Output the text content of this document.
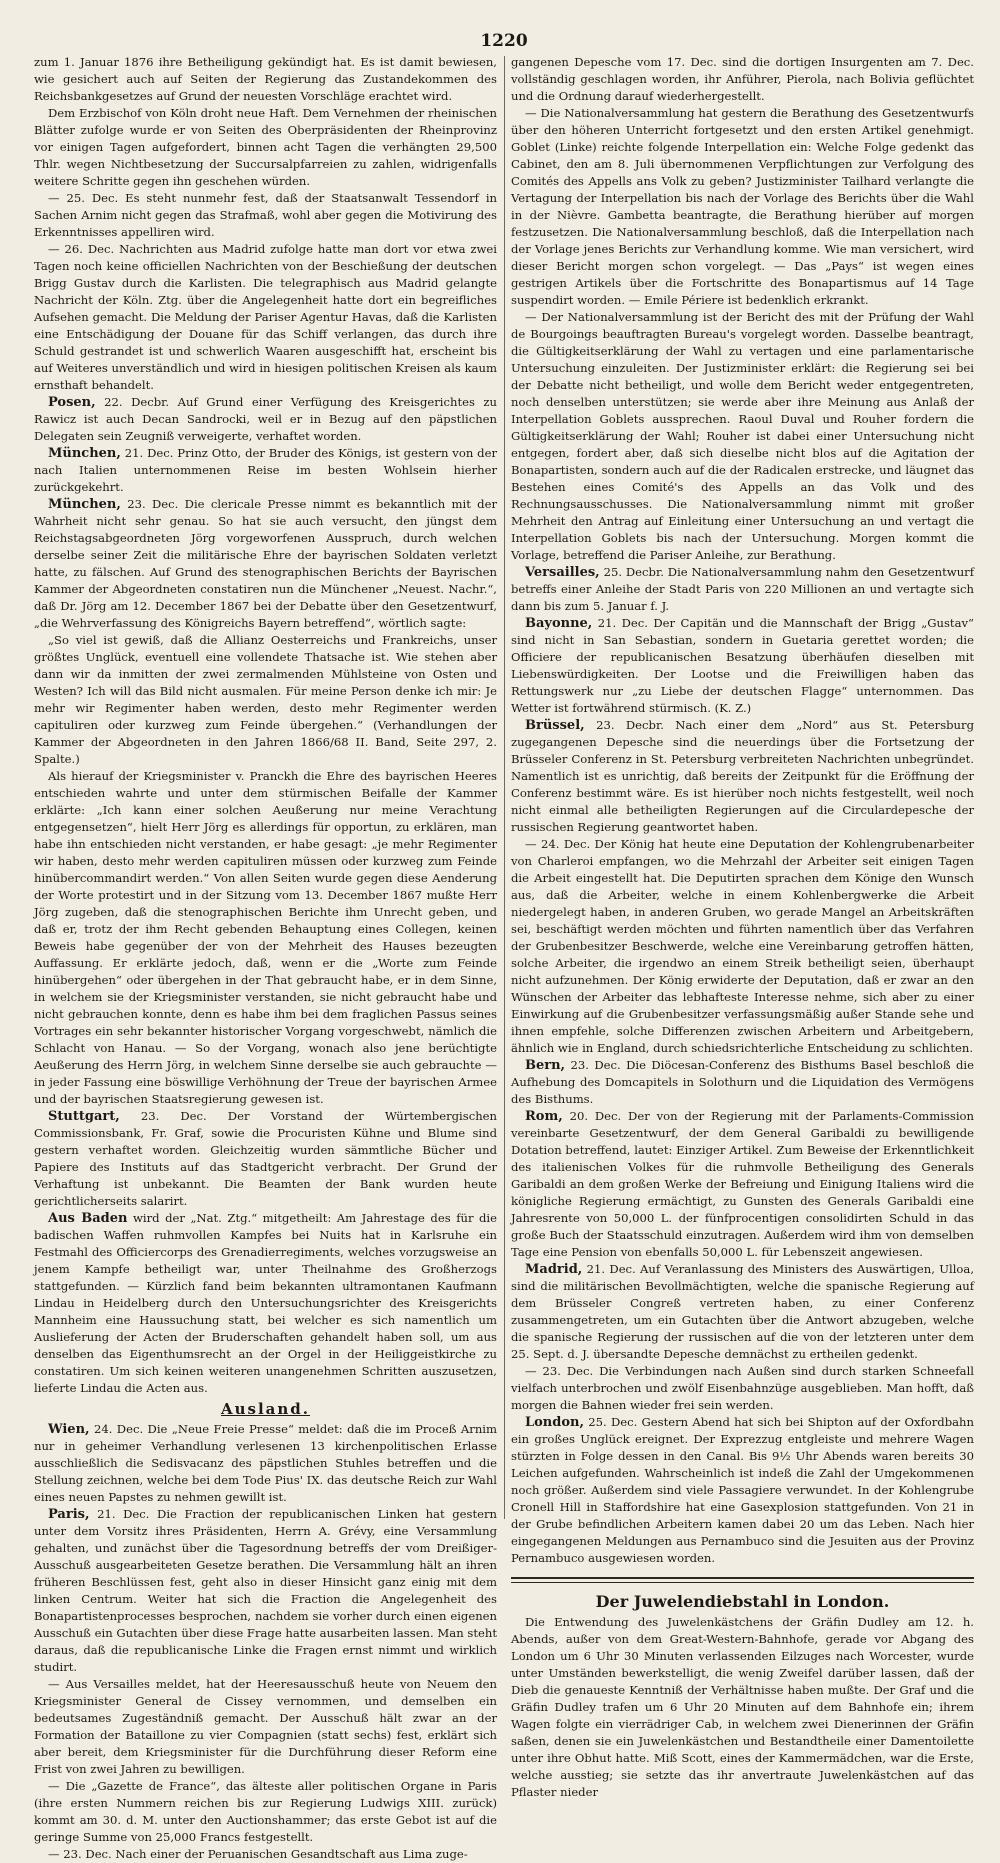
1220

zum 1. Januar 1876 ihre Betheiligung gekündigt hat. Es ist damit bewiesen, wie gesichert auch auf Seiten der Regierung das Zustandekommen des Reichsbankgesetzes auf Grund der neuesten Vorschläge erachtet wird.

Dem Erzbischof von Köln droht neue Haft. Dem Vernehmen der rheinischen Blätter zufolge wurde er von Seiten des Oberpräsidenten der Rheinprovinz vor einigen Tagen aufgefordert, binnen acht Tagen die verhängten 29,500 Thlr. wegen Nichtbesetzung der Succursalpfarreien zu zahlen, widrigenfalls weitere Schritte gegen ihn geschehen würden.

— 25. Dec. Es steht nunmehr fest, daß der Staatsanwalt Tessendorf in Sachen Arnim nicht gegen das Strafmaß, wohl aber gegen die Motivirung des Erkenntnisses appelliren wird.

— 26. Dec. Nachrichten aus Madrid zufolge hatte man dort vor etwa zwei Tagen noch keine officiellen Nachrichten von der Beschießung der deutschen Brigg Gustav durch die Karlisten. Die telegraphisch aus Madrid gelangte Nachricht der Köln. Ztg. über die Angelegenheit hatte dort ein begreifliches Aufsehen gemacht. Die Meldung der Pariser Agentur Havas, daß die Karlisten eine Entschädigung der Douane für das Schiff verlangen, das durch ihre Schuld gestrandet ist und schwerlich Waaren ausgeschifft hat, erscheint bis auf Weiteres unverständlich und wird in hiesigen politischen Kreisen als kaum ernsthaft behandelt.

Posen, 22. Decbr. Auf Grund einer Verfügung des Kreisgerichtes zu Rawicz ist auch Decan Sandrocki, weil er in Bezug auf den päpstlichen Delegaten sein Zeugniß verweigerte, verhaftet worden.

München, 21. Dec. Prinz Otto, der Bruder des Königs, ist gestern von der nach Italien unternommenen Reise im besten Wohlsein hierher zurückgekehrt.

München, 23. Dec. Die clericale Presse nimmt es bekanntlich mit der Wahrheit nicht sehr genau. So hat sie auch versucht, den jüngst dem Reichstagsabgeordneten Jörg vorgeworfenen Ausspruch, durch welchen derselbe seiner Zeit die militärische Ehre der bayrischen Soldaten verletzt hatte, zu fälschen. Auf Grund des stenographischen Berichts der Bayrischen Kammer der Abgeordneten constatiren nun die Münchener „Neuest. Nachr.“, daß Dr. Jörg am 12. December 1867 bei der Debatte über den Gesetzentwurf, „die Wehrverfassung des Königreichs Bayern betreffend“, wörtlich sagte:

„So viel ist gewiß, daß die Allianz Oesterreichs und Frankreichs, unser größtes Unglück, eventuell eine vollendete Thatsache ist. Wie stehen aber dann wir da inmitten der zwei zermalmenden Mühlsteine von Osten und Westen? Ich will das Bild nicht ausmalen. Für meine Person denke ich mir: Je mehr wir Regimenter haben werden, desto mehr Regimenter werden capituliren oder kurzweg zum Feinde übergehen.“ (Verhandlungen der Kammer der Abgeordneten in den Jahren 1866/68 II. Band, Seite 297, 2. Spalte.)

Als hierauf der Kriegsminister v. Pranckh die Ehre des bayrischen Heeres entschieden wahrte und unter dem stürmischen Beifalle der Kammer erklärte: „Ich kann einer solchen Aeußerung nur meine Verachtung entgegensetzen“, hielt Herr Jörg es allerdings für opportun, zu erklären, man habe ihn entschieden nicht verstanden, er habe gesagt: „je mehr Regimenter wir haben, desto mehr werden capituliren müssen oder kurzweg zum Feinde hinübercommandirt werden.“ Von allen Seiten wurde gegen diese Aenderung der Worte protestirt und in der Sitzung vom 13. December 1867 mußte Herr Jörg zugeben, daß die stenographischen Berichte ihm Unrecht geben, und daß er, trotz der ihm Recht gebenden Behauptung eines Collegen, keinen Beweis habe gegenüber der von der Mehrheit des Hauses bezeugten Auffassung. Er erklärte jedoch, daß, wenn er die „Worte zum Feinde hinübergehen“ oder übergehen in der That gebraucht habe, er in dem Sinne, in welchem sie der Kriegsminister verstanden, sie nicht gebraucht habe und nicht gebrauchen konnte, denn es habe ihm bei dem fraglichen Passus seines Vortrages ein sehr bekannter historischer Vorgang vorgeschwebt, nämlich die Schlacht von Hanau. — So der Vorgang, wonach also jene berüchtigte Aeußerung des Herrn Jörg, in welchem Sinne derselbe sie auch gebrauchte — in jeder Fassung eine böswillige Verhöhnung der Treue der bayrischen Armee und der bayrischen Staatsregierung gewesen ist.

Stuttgart, 23. Dec. Der Vorstand der Würtembergischen Commissionsbank, Fr. Graf, sowie die Procuristen Kühne und Blume sind gestern verhaftet worden. Gleichzeitig wurden sämmtliche Bücher und Papiere des Instituts auf das Stadtgericht verbracht. Der Grund der Verhaftung ist unbekannt. Die Beamten der Bank wurden heute gerichtlicherseits salarirt.

Aus Baden wird der „Nat. Ztg.“ mitgetheilt: Am Jahrestage des für die badischen Waffen ruhmvollen Kampfes bei Nuits hat in Karlsruhe ein Festmahl des Officiercorps des Grenadierregiments, welches vorzugsweise an jenem Kampfe betheiligt war, unter Theilnahme des Großherzogs stattgefunden. — Kürzlich fand beim bekannten ultramontanen Kaufmann Lindau in Heidelberg durch den Untersuchungsrichter des Kreisgerichts Mannheim eine Haussuchung statt, bei welcher es sich namentlich um Auslieferung der Acten der Bruderschaften gehandelt haben soll, um aus denselben das Eigenthumsrecht an der Orgel in der Heiliggeistkirche zu constatiren. Um sich keinen weiteren unangenehmen Schritten auszusetzen, lieferte Lindau die Acten aus.

Ausland.

Wien, 24. Dec. Die „Neue Freie Presse“ meldet: daß die im Proceß Arnim nur in geheimer Verhandlung verlesenen 13 kirchenpolitischen Erlasse ausschließlich die Sedisvacanz des päpstlichen Stuhles betreffen und die Stellung zeichnen, welche bei dem Tode Pius' IX. das deutsche Reich zur Wahl eines neuen Papstes zu nehmen gewillt ist.

Paris, 21. Dec. Die Fraction der republicanischen Linken hat gestern unter dem Vorsitz ihres Präsidenten, Herrn A. Grévy, eine Versammlung gehalten, und zunächst über die Tagesordnung betreffs der vom Dreißiger-Ausschuß ausgearbeiteten Gesetze berathen. Die Versammlung hält an ihren früheren Beschlüssen fest, geht also in dieser Hinsicht ganz einig mit dem linken Centrum. Weiter hat sich die Fraction die Angelegenheit des Bonapartistenprocesses besprochen, nachdem sie vorher durch einen eigenen Ausschuß ein Gutachten über diese Frage hatte ausarbeiten lassen. Man steht daraus, daß die republicanische Linke die Fragen ernst nimmt und wirklich studirt.

— Aus Versailles meldet, hat der Heeresausschuß heute von Neuem den Kriegsminister General de Cissey vernommen, und demselben ein bedeutsames Zugeständniß gemacht. Der Ausschuß hält zwar an der Formation der Bataillone zu vier Compagnien (statt sechs) fest, erklärt sich aber bereit, dem Kriegsminister für die Durchführung dieser Reform eine Frist von zwei Jahren zu bewilligen.

— Die „Gazette de France“, das älteste aller politischen Organe in Paris (ihre ersten Nummern reichen bis zur Regierung Ludwigs XIII. zurück) kommt am 30. d. M. unter den Auctionshammer; das erste Gebot ist auf die geringe Summe von 25,000 Francs festgestellt.

— 23. Dec. Nach einer der Peruanischen Gesandtschaft aus Lima zuge-

gangenen Depesche vom 17. Dec. sind die dortigen Insurgenten am 7. Dec. vollständig geschlagen worden, ihr Anführer, Pierola, nach Bolivia geflüchtet und die Ordnung darauf wiederhergestellt.

— Die Nationalversammlung hat gestern die Berathung des Gesetzentwurfs über den höheren Unterricht fortgesetzt und den ersten Artikel genehmigt. Goblet (Linke) reichte folgende Interpellation ein: Welche Folge gedenkt das Cabinet, den am 8. Juli übernommenen Verpflichtungen zur Verfolgung des Comités des Appells ans Volk zu geben? Justizminister Tailhard verlangte die Vertagung der Interpellation bis nach der Vorlage des Berichts über die Wahl in der Nièvre. Gambetta beantragte, die Berathung hierüber auf morgen festzusetzen. Die Nationalversammlung beschloß, daß die Interpellation nach der Vorlage jenes Berichts zur Verhandlung komme. Wie man versichert, wird dieser Bericht morgen schon vorgelegt. — Das „Pays“ ist wegen eines gestrigen Artikels über die Fortschritte des Bonapartismus auf 14 Tage suspendirt worden. — Emile Périere ist bedenklich erkrankt.

— Der Nationalversammlung ist der Bericht des mit der Prüfung der Wahl de Bourgoings beauftragten Bureau's vorgelegt worden. Dasselbe beantragt, die Gültigkeitserklärung der Wahl zu vertagen und eine parlamentarische Untersuchung einzuleiten. Der Justizminister erklärt: die Regierung sei bei der Debatte nicht betheiligt, und wolle dem Bericht weder entgegentreten, noch denselben unterstützen; sie werde aber ihre Meinung aus Anlaß der Interpellation Goblets aussprechen. Raoul Duval und Rouher fordern die Gültigkeitserklärung der Wahl; Rouher ist dabei einer Untersuchung nicht entgegen, fordert aber, daß sich dieselbe nicht blos auf die Agitation der Bonapartisten, sondern auch auf die der Radicalen erstrecke, und läugnet das Bestehen eines Comité's des Appells an das Volk und des Rechnungsausschusses. Die Nationalversammlung nimmt mit großer Mehrheit den Antrag auf Einleitung einer Untersuchung an und vertagt die Interpellation Goblets bis nach der Untersuchung. Morgen kommt die Vorlage, betreffend die Pariser Anleihe, zur Berathung.

Versailles, 25. Decbr. Die Nationalversammlung nahm den Gesetzentwurf betreffs einer Anleihe der Stadt Paris von 220 Millionen an und vertagte sich dann bis zum 5. Januar f. J.

Bayonne, 21. Dec. Der Capitän und die Mannschaft der Brigg „Gustav“ sind nicht in San Sebastian, sondern in Guetaria gerettet worden; die Officiere der republicanischen Besatzung überhäufen dieselben mit Liebenswürdigkeiten. Der Lootse und die Freiwilligen haben das Rettungswerk nur „zu Liebe der deutschen Flagge“ unternommen. Das Wetter ist fortwährend stürmisch. (K. Z.)

Brüssel, 23. Decbr. Nach einer dem „Nord“ aus St. Petersburg zugegangenen Depesche sind die neuerdings über die Fortsetzung der Brüsseler Conferenz in St. Petersburg verbreiteten Nachrichten unbegründet. Namentlich ist es unrichtig, daß bereits der Zeitpunkt für die Eröffnung der Conferenz bestimmt wäre. Es ist hierüber noch nichts festgestellt, weil noch nicht einmal alle betheiligten Regierungen auf die Circulardepesche der russischen Regierung geantwortet haben.

— 24. Dec. Der König hat heute eine Deputation der Kohlengrubenarbeiter von Charleroi empfangen, wo die Mehrzahl der Arbeiter seit einigen Tagen die Arbeit eingestellt hat. Die Deputirten sprachen dem Könige den Wunsch aus, daß die Arbeiter, welche in einem Kohlenbergwerke die Arbeit niedergelegt haben, in anderen Gruben, wo gerade Mangel an Arbeitskräften sei, beschäftigt werden möchten und führten namentlich über das Verfahren der Grubenbesitzer Beschwerde, welche eine Vereinbarung getroffen hätten, solche Arbeiter, die irgendwo an einem Streik betheiligt seien, überhaupt nicht aufzunehmen. Der König erwiderte der Deputation, daß er zwar an den Wünschen der Arbeiter das lebhafteste Interesse nehme, sich aber zu einer Einwirkung auf die Grubenbesitzer verfassungsmäßig außer Stande sehe und ihnen empfehle, solche Differenzen zwischen Arbeitern und Arbeitgebern, ähnlich wie in England, durch schiedsrichterliche Entscheidung zu schlichten.

Bern, 23. Dec. Die Diöcesan-Conferenz des Bisthums Basel beschloß die Aufhebung des Domcapitels in Solothurn und die Liquidation des Vermögens des Bisthums.

Rom, 20. Dec. Der von der Regierung mit der Parlaments-Commission vereinbarte Gesetzentwurf, der dem General Garibaldi zu bewilligende Dotation betreffend, lautet: Einziger Artikel. Zum Beweise der Erkenntlichkeit des italienischen Volkes für die ruhmvolle Betheiligung des Generals Garibaldi an dem großen Werke der Befreiung und Einigung Italiens wird die königliche Regierung ermächtigt, zu Gunsten des Generals Garibaldi eine Jahresrente von 50,000 L. der fünfprocentigen consolidirten Schuld in das große Buch der Staatsschuld einzutragen. Außerdem wird ihm von demselben Tage eine Pension von ebenfalls 50,000 L. für Lebenszeit angewiesen.

Madrid, 21. Dec. Auf Veranlassung des Ministers des Auswärtigen, Ulloa, sind die militärischen Bevollmächtigten, welche die spanische Regierung auf dem Brüsseler Congreß vertreten haben, zu einer Conferenz zusammengetreten, um ein Gutachten über die Antwort abzugeben, welche die spanische Regierung der russischen auf die von der letzteren unter dem 25. Sept. d. J. übersandte Depesche demnächst zu ertheilen gedenkt.

— 23. Dec. Die Verbindungen nach Außen sind durch starken Schneefall vielfach unterbrochen und zwölf Eisenbahnzüge ausgeblieben. Man hofft, daß morgen die Bahnen wieder frei sein werden.

London, 25. Dec. Gestern Abend hat sich bei Shipton auf der Oxfordbahn ein großes Unglück ereignet. Der Exprezzug entgleiste und mehrere Wagen stürzten in Folge dessen in den Canal. Bis 9½ Uhr Abends waren bereits 30 Leichen aufgefunden. Wahrscheinlich ist indeß die Zahl der Umgekommenen noch größer. Außerdem sind viele Passagiere verwundet. In der Kohlengrube Cronell Hill in Staffordshire hat eine Gasexplosion stattgefunden. Von 21 in der Grube befindlichen Arbeitern kamen dabei 20 um das Leben. Nach hier eingegangenen Meldungen aus Pernambuco sind die Jesuiten aus der Provinz Pernambuco ausgewiesen worden.

Der Juwelendiebstahl in London.

Die Entwendung des Juwelenkästchens der Gräfin Dudley am 12. h. Abends, außer von dem Great-Western-Bahnhofe, gerade vor Abgang des London um 6 Uhr 30 Minuten verlassenden Eilzuges nach Worcester, wurde unter Umständen bewerkstelligt, die wenig Zweifel darüber lassen, daß der Dieb die genaueste Kenntniß der Verhältnisse haben mußte. Der Graf und die Gräfin Dudley trafen um 6 Uhr 20 Minuten auf dem Bahnhofe ein; ihrem Wagen folgte ein vierrädriger Cab, in welchem zwei Dienerinnen der Gräfin saßen, denen sie ein Juwelenkästchen und Bestandtheile einer Damentoilette unter ihre Obhut hatte. Miß Scott, eines der Kammermädchen, war die Erste, welche ausstieg; sie setzte das ihr anvertraute Juwelenkästchen auf das Pflaster nieder
